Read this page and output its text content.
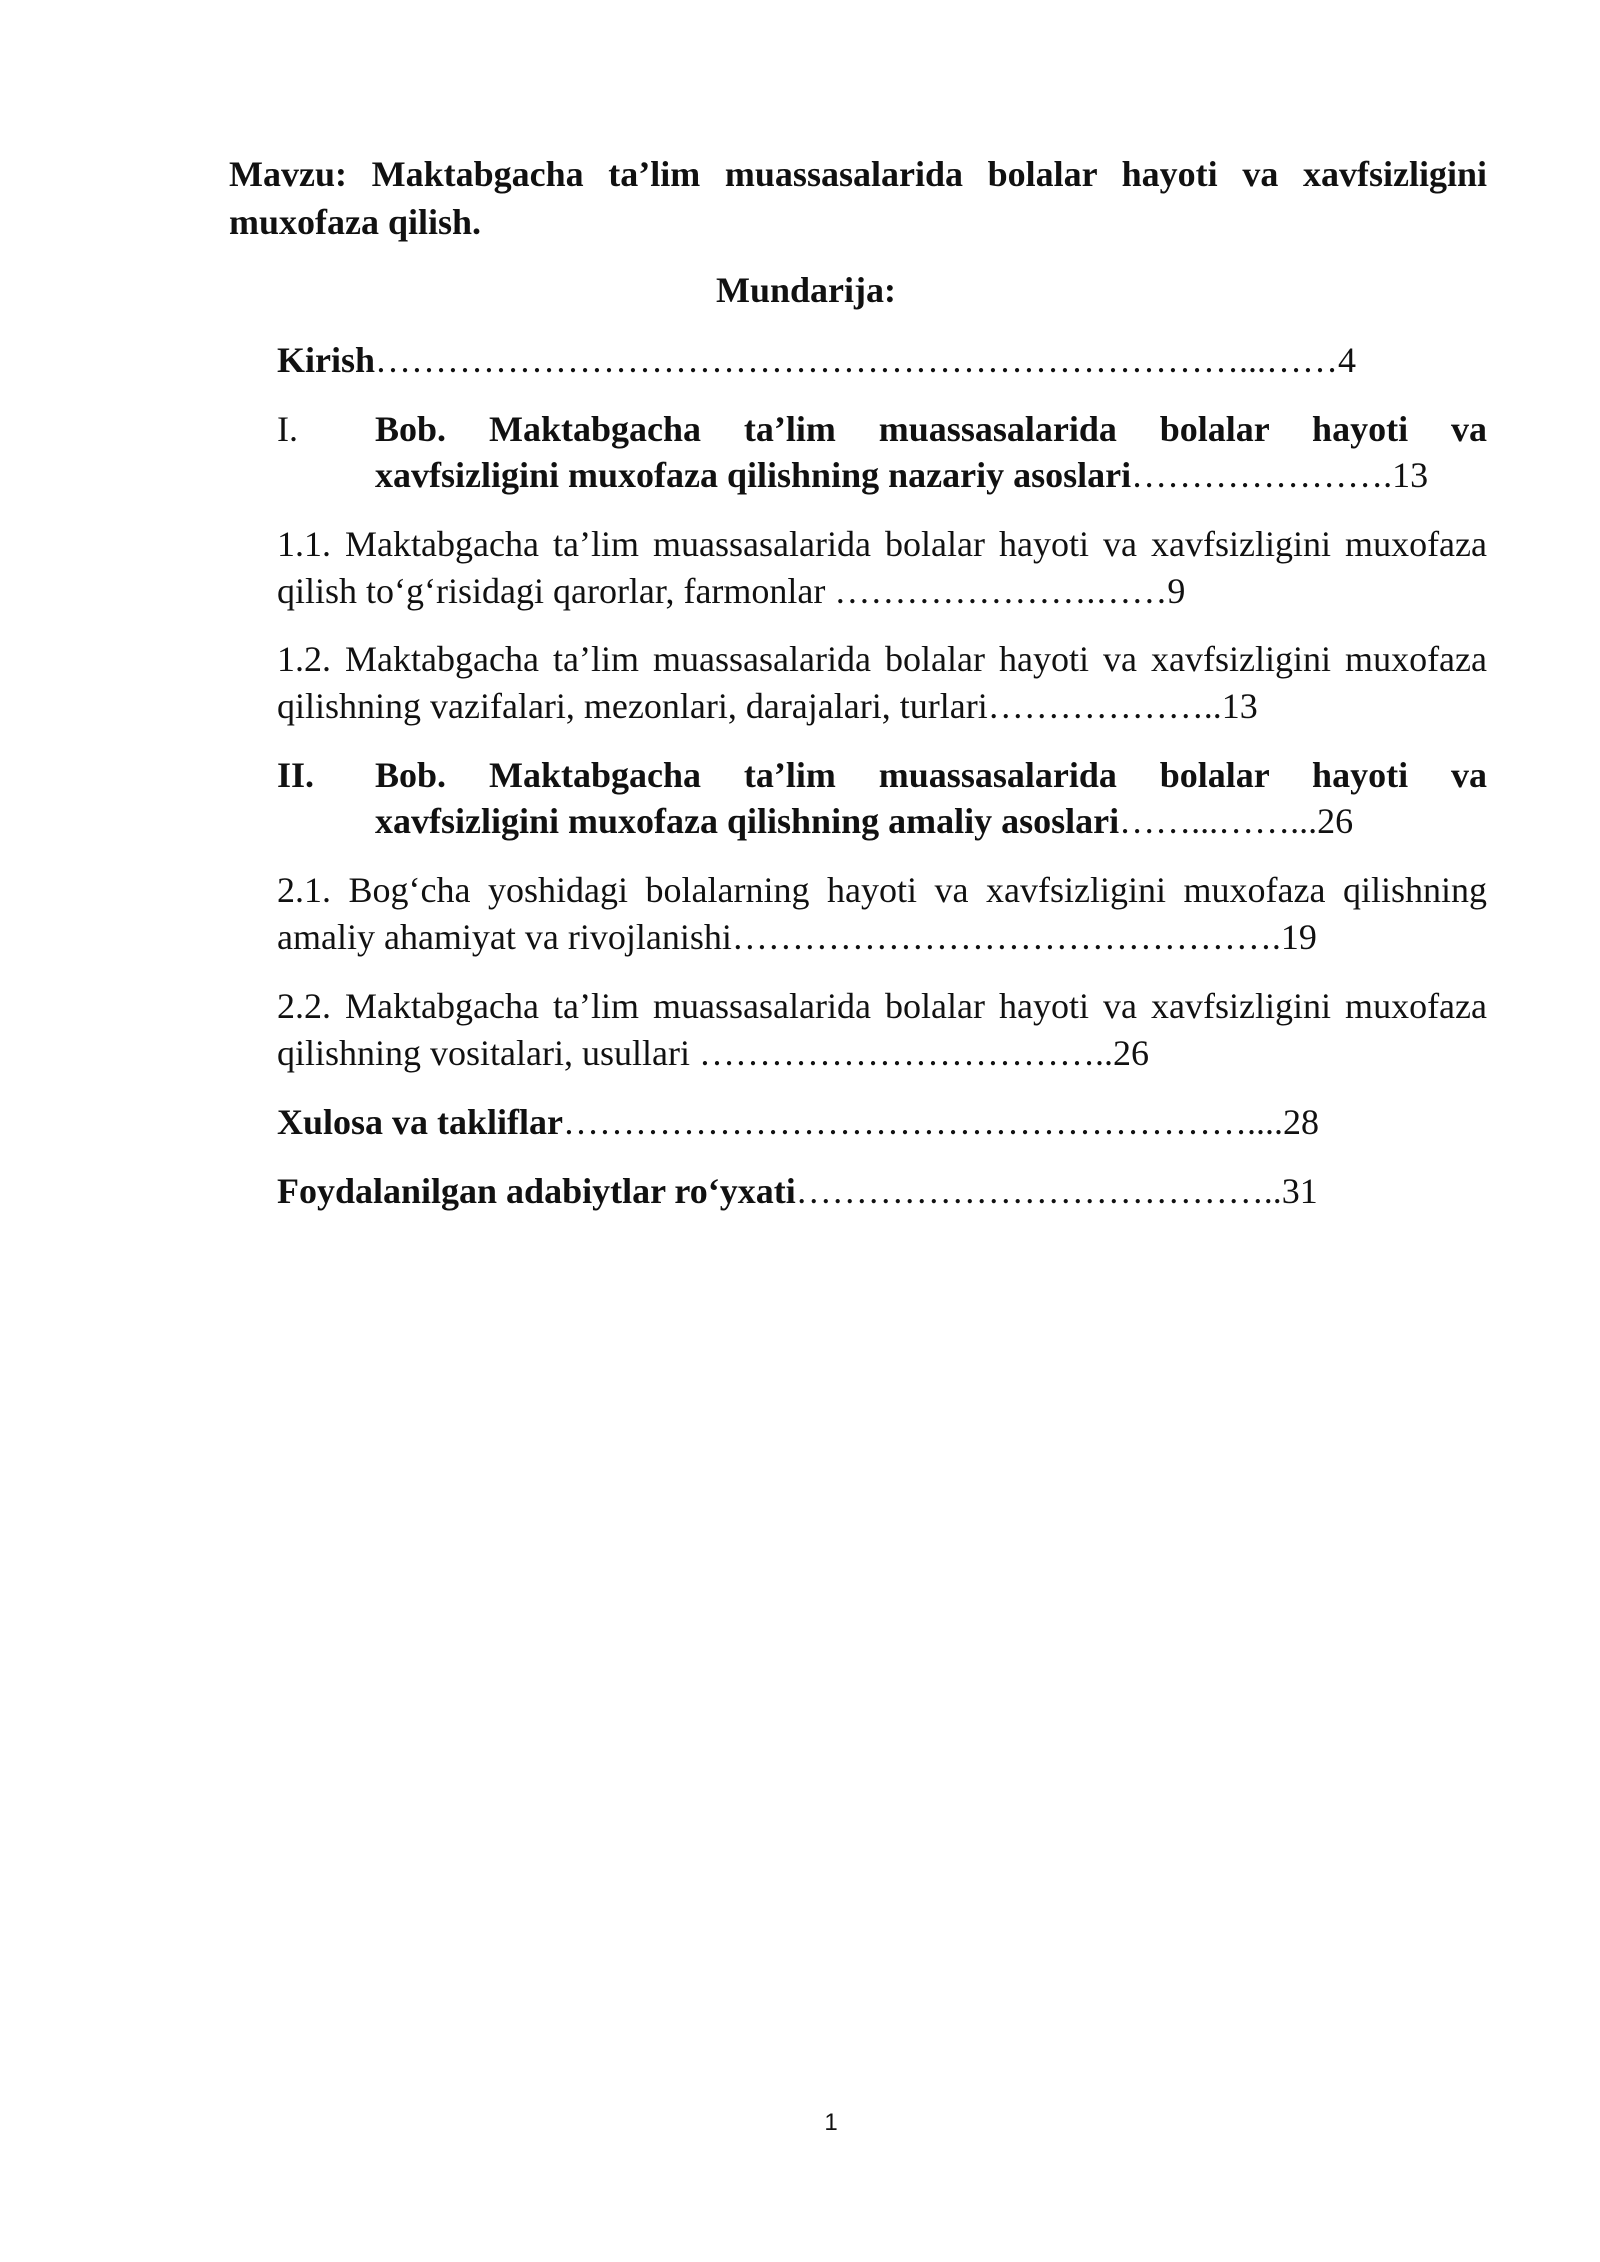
Mavzu: Maktabgacha ta’lim muassasalarida bolalar hayoti va xavfsizligini muxofaza qilish.
Mundarija:
Kirish………………………………………………………………...……4
I. Bob. Maktabgacha ta’lim muassasalarida bolalar hayoti va
xavfsizligini muxofaza qilishning nazariy asoslari………………….13
1.1. Maktabgacha ta’lim muassasalarida bolalar hayoti va xavfsizligini muxofaza
qilish to‘g‘risidagi qarorlar, farmonlar ………………….……9
1.2. Maktabgacha ta’lim muassasalarida bolalar hayoti va xavfsizligini muxofaza
qilishning vazifalari, mezonlari, darajalari, turlari………………..13
II. Bob. Maktabgacha ta’lim muassasalarida bolalar hayoti va
xavfsizligini muxofaza qilishning amaliy asoslari……...……...26
2.1. Bog‘cha yoshidagi bolalarning hayoti va xavfsizligini muxofaza qilishning
amaliy ahamiyat va rivojlanishi……………………………………….19
2.2. Maktabgacha ta’lim muassasalarida bolalar hayoti va xavfsizligini muxofaza
qilishning vositalari, usullari ……………………………..26
Xulosa va takliflar…………………………………………………....28
Foydalanilgan adabiytlar ro‘yxati…………………………………..31
1
